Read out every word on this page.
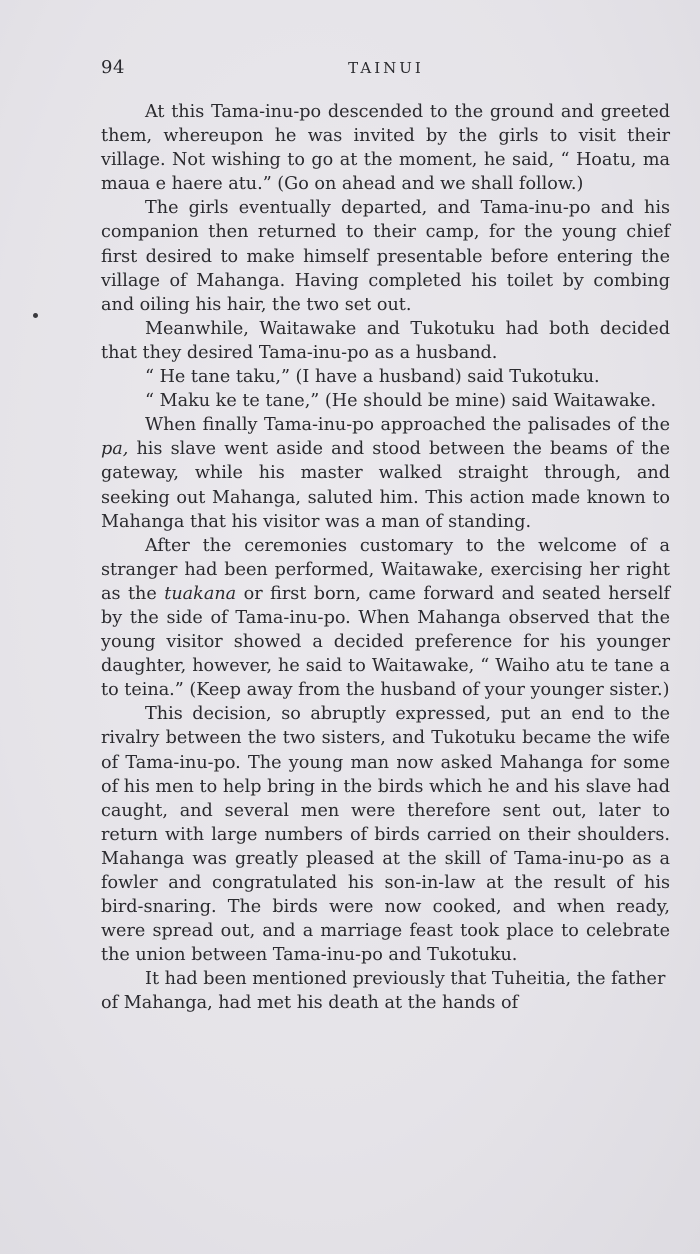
94	TAINUI

At this Tama-inu-po descended to the ground and greeted them, whereupon he was invited by the girls to visit their village. Not wishing to go at the moment, he said, “ Hoatu, ma maua e haere atu.” (Go on ahead and we shall follow.)

The girls eventually departed, and Tama-inu-po and his companion then returned to their camp, for the young chief first desired to make himself presentable before entering the village of Mahanga. Having completed his toilet by combing and oiling his hair, the two set out.

Meanwhile, Waitawake and Tukotuku had both decided that they desired Tama-inu-po as a husband.

“ He tane taku,” (I have a husband) said Tukotuku.

“ Maku ke te tane,” (He should be mine) said Waitawake.

When finally Tama-inu-po approached the palisades of the pa, his slave went aside and stood between the beams of the gateway, while his master walked straight through, and seeking out Mahanga, saluted him. This action made known to Mahanga that his visitor was a man of standing.

After the ceremonies customary to the welcome of a stranger had been performed, Waitawake, exercising her right as the tuakana or first born, came forward and seated herself by the side of Tama-inu-po. When Mahanga observed that the young visitor showed a decided preference for his younger daughter, however, he said to Waitawake, “ Waiho atu te tane a to teina.” (Keep away from the husband of your younger sister.)

This decision, so abruptly expressed, put an end to the rivalry between the two sisters, and Tukotuku became the wife of Tama-inu-po. The young man now asked Mahanga for some of his men to help bring in the birds which he and his slave had caught, and several men were therefore sent out, later to return with large numbers of birds carried on their shoulders. Mahanga was greatly pleased at the skill of Tama-inu-po as a fowler and congratulated his son-in-law at the result of his bird-snaring. The birds were now cooked, and when ready, were spread out, and a marriage feast took place to celebrate the union between Tama-inu-po and Tukotuku.

It had been mentioned previously that Tuheitia, the father of Mahanga, had met his death at the hands of
